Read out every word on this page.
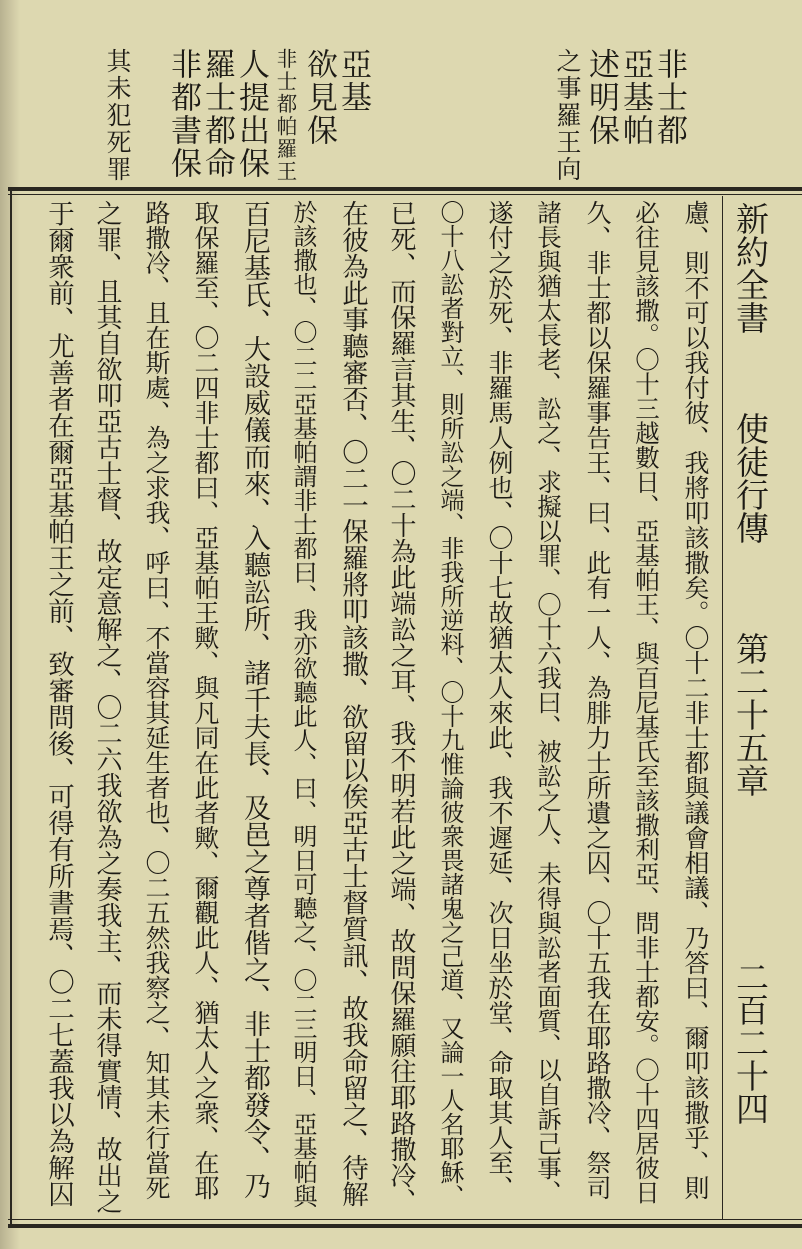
非士都
亞基帕
述明保
之事羅王向
亞基
欲見保
非士都帕羅王
人提出保
羅士都命
非都書保
其未犯死罪
新約全書
使徒行傳
第二十五章
二百二十四
慮、則不可以我付彼、我將叩該撒矣。〇十二非士都與議會相議、乃答曰、爾叩該撒乎、則
必往見該撒。〇十三越數日、亞基帕王、與百尼基氏至該撒利亞、問非士都安。〇十四居彼日
久、非士都以保羅事告王、曰、此有一人、為腓力士所遺之囚、〇十五我在耶路撒冷、祭司
諸長與猶太長老、訟之、求擬以罪、〇十六我曰、被訟之人、未得與訟者面質、以自訴己事、
遂付之於死、非羅馬人例也、〇十七故猶太人來此、我不遲延、次日坐於堂、命取其人至、
〇十八訟者對立、則所訟之端、非我所逆料、〇十九惟論彼衆畏諸鬼之己道、又論一人名耶穌、
已死、而保羅言其生、〇二十為此端訟之耳、我不明若此之端、故問保羅願往耶路撒冷、
在彼為此事聽審否、〇二一保羅將叩該撒、欲留以俟亞古士督質訊、故我命留之、待解
於該撒也、〇二二亞基帕謂非士都曰、我亦欲聽此人、曰、明日可聽之、〇二三明日、亞基帕與
百尼基氏、大設威儀而來、入聽訟所、諸千夫長、及邑之尊者偕之、非士都發令、乃
取保羅至、〇二四非士都曰、亞基帕王歟、與凡同在此者歟、爾觀此人、猶太人之衆、在耶
路撒冷、且在斯處、為之求我、呼曰、不當容其延生者也、〇二五然我察之、知其未行當死
之罪、且其自欲叩亞古士督、故定意解之、〇二六我欲為之奏我主、而未得實情、故出之
于爾衆前、尤善者在爾亞基帕王之前、致審問後、可得有所書焉、〇二七蓋我以為解囚
